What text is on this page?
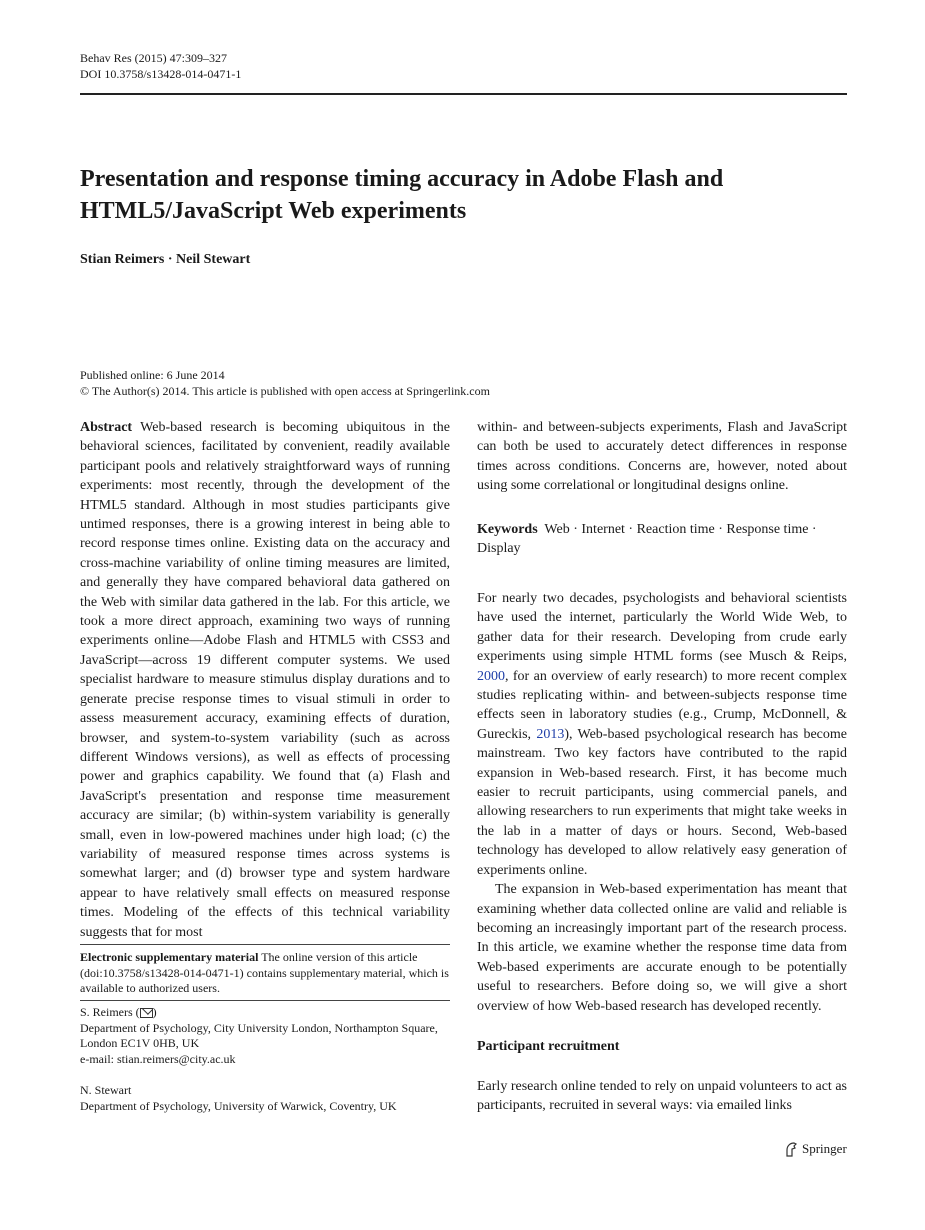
Behav Res (2015) 47:309–327
DOI 10.3758/s13428-014-0471-1
Presentation and response timing accuracy in Adobe Flash and HTML5/JavaScript Web experiments
Stian Reimers · Neil Stewart
Published online: 6 June 2014
© The Author(s) 2014. This article is published with open access at Springerlink.com
Abstract Web-based research is becoming ubiquitous in the behavioral sciences, facilitated by convenient, readily available participant pools and relatively straightforward ways of running experiments: most recently, through the development of the HTML5 standard. Although in most studies participants give untimed responses, there is a growing interest in being able to record response times online. Existing data on the accuracy and cross-machine variability of online timing measures are limited, and generally they have compared behavioral data gathered on the Web with similar data gathered in the lab. For this article, we took a more direct approach, examining two ways of running experiments online—Adobe Flash and HTML5 with CSS3 and JavaScript—across 19 different computer systems. We used specialist hardware to measure stimulus display durations and to generate precise response times to visual stimuli in order to assess measurement accuracy, examining effects of duration, browser, and system-to-system variability (such as across different Windows versions), as well as effects of processing power and graphics capability. We found that (a) Flash and JavaScript's presentation and response time measurement accuracy are similar; (b) within-system variability is generally small, even in low-powered machines under high load; (c) the variability of measured response times across systems is somewhat larger; and (d) browser type and system hardware appear to have relatively small effects on measured response times. Modeling of the effects of this technical variability suggests that for most
within- and between-subjects experiments, Flash and JavaScript can both be used to accurately detect differences in response times across conditions. Concerns are, however, noted about using some correlational or longitudinal designs online.
Keywords Web · Internet · Reaction time · Response time · Display

For nearly two decades, psychologists and behavioral scientists have used the internet, particularly the World Wide Web, to gather data for their research. Developing from crude early experiments using simple HTML forms (see Musch & Reips, 2000, for an overview of early research) to more recent complex studies replicating within- and between-subjects response time effects seen in laboratory studies (e.g., Crump, McDonnell, & Gureckis, 2013), Web-based psychological research has become mainstream. Two key factors have contributed to the rapid expansion in Web-based research. First, it has become much easier to recruit participants, using commercial panels, and allowing researchers to run experiments that might take weeks in the lab in a matter of days or hours. Second, Web-based technology has developed to allow relatively easy generation of experiments online.

The expansion in Web-based experimentation has meant that examining whether data collected online are valid and reliable is becoming an increasingly important part of the research process. In this article, we examine whether the response time data from Web-based experiments are accurate enough to be potentially useful to researchers. Before doing so, we will give a short overview of how Web-based research has developed recently.

Electronic supplementary material The online version of this article (doi:10.3758/s13428-014-0471-1) contains supplementary material, which is available to authorized users.
S. Reimers ( )
Department of Psychology, City University London, Northampton Square, London EC1V 0HB, UK
e-mail: stian.reimers@city.ac.uk
N. Stewart
Department of Psychology, University of Warwick, Coventry, UK
Participant recruitment
Early research online tended to rely on unpaid volunteers to act as participants, recruited in several ways: via emailed links
Springer
